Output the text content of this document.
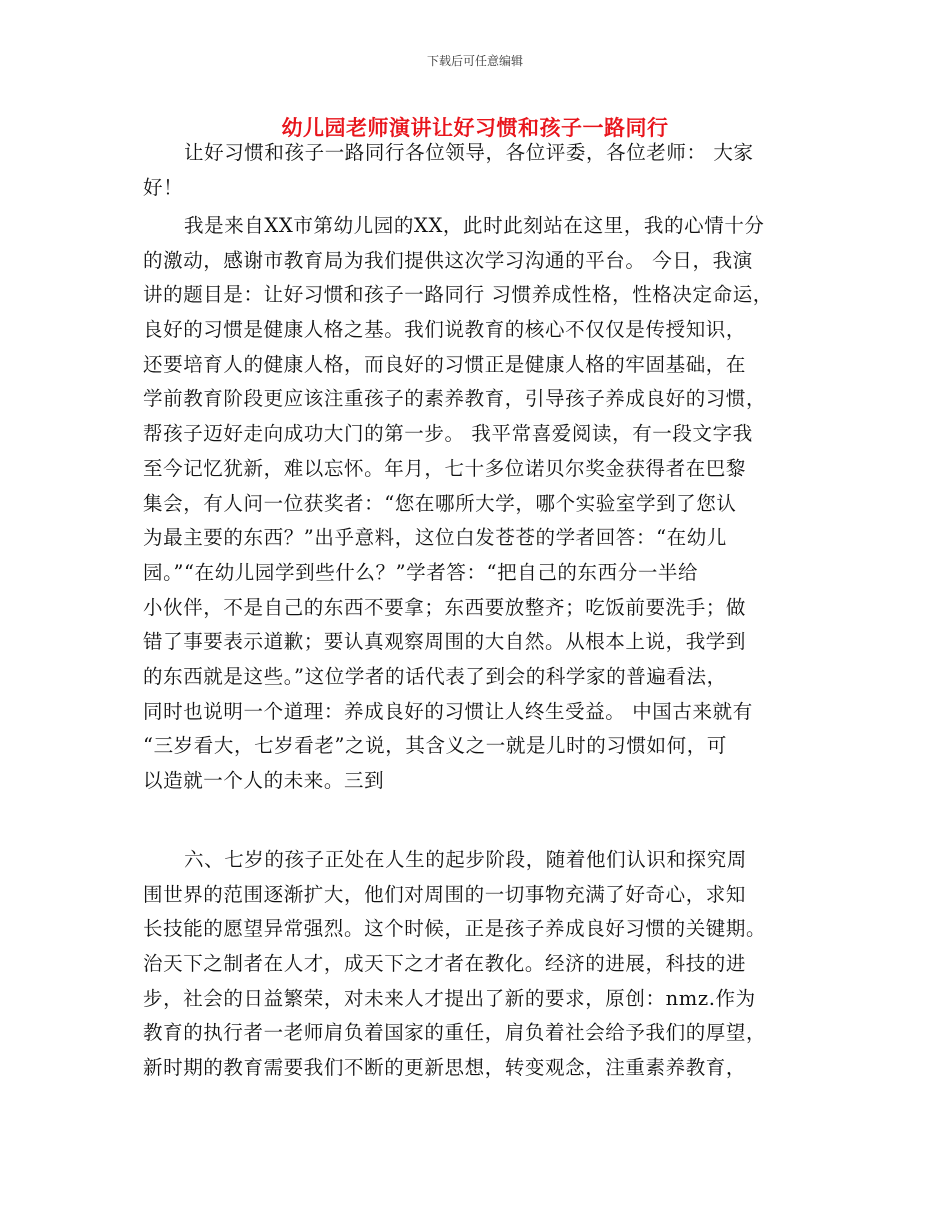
下载后可任意编辑
幼儿园老师演讲让好习惯和孩子一路同行
让好习惯和孩子一路同行各位领导，各位评委，各位老师： 大家
好！
我是来自XX市第幼儿园的XX，此时此刻站在这里，我的心情十分
的激动，感谢市教育局为我们提供这次学习沟通的平台。 今日，我演
讲的题目是：让好习惯和孩子一路同行 习惯养成性格，性格决定命运，
良好的习惯是健康人格之基。我们说教育的核心不仅仅是传授知识，
还要培育人的健康人格，而良好的习惯正是健康人格的牢固基础，在
学前教育阶段更应该注重孩子的素养教育，引导孩子养成良好的习惯，
帮孩子迈好走向成功大门的第一步。 我平常喜爱阅读，有一段文字我
至今记忆犹新，难以忘怀。年月，七十多位诺贝尔奖金获得者在巴黎
集会，有人问一位获奖者：“您在哪所大学，哪个实验室学到了您认
为最主要的东西？”出乎意料，这位白发苍苍的学者回答：“在幼儿
园。”“在幼儿园学到些什么？”学者答：“把自己的东西分一半给
小伙伴，不是自己的东西不要拿；东西要放整齐；吃饭前要洗手；做
错了事要表示道歉；要认真观察周围的大自然。从根本上说，我学到
的东西就是这些。”这位学者的话代表了到会的科学家的普遍看法，
同时也说明一个道理：养成良好的习惯让人终生受益。 中国古来就有
“三岁看大，七岁看老”之说，其含义之一就是儿时的习惯如何，可
以造就一个人的未来。三到
六、七岁的孩子正处在人生的起步阶段，随着他们认识和探究周
围世界的范围逐渐扩大，他们对周围的一切事物充满了好奇心，求知
长技能的愿望异常强烈。这个时候，正是孩子养成良好习惯的关键期。
治天下之制者在人才，成天下之才者在教化。经济的进展，科技的进
步，社会的日益繁荣，对未来人才提出了新的要求，原创：nmz.作为
教育的执行者一老师肩负着国家的重任，肩负着社会给予我们的厚望，
新时期的教育需要我们不断的更新思想，转变观念，注重素养教育，
